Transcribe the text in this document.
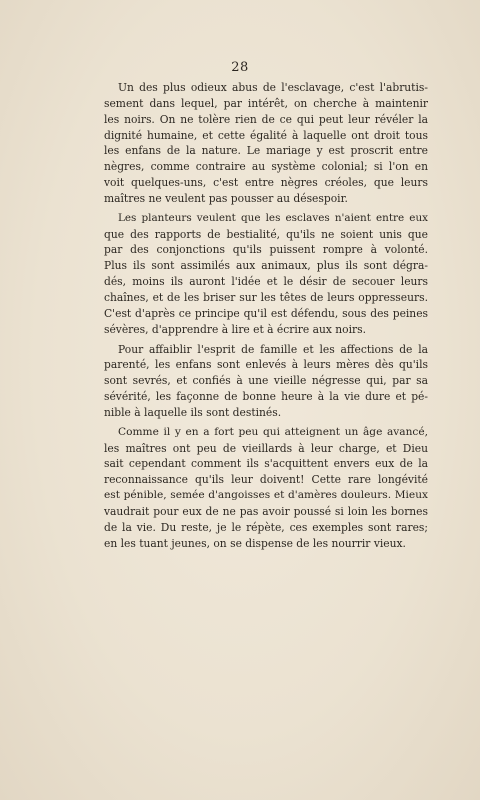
28

Un des plus odieux abus de l'esclavage, c'est l'abrutis-
sement dans lequel, par intérêt, on cherche à maintenir
les noirs. On ne tolère rien de ce qui peut leur révéler la
dignité humaine, et cette égalité à laquelle ont droit tous
les enfans de la nature. Le mariage y est proscrit entre
nègres, comme contraire au système colonial; si l'on en
voit quelques-uns, c'est entre nègres créoles, que leurs
maîtres ne veulent pas pousser au désespoir.

Les planteurs veulent que les esclaves n'aient entre eux
que des rapports de bestialité, qu'ils ne soient unis que
par des conjonctions qu'ils puissent rompre à volonté.
Plus ils sont assimilés aux animaux, plus ils sont dégra-
dés, moins ils auront l'idée et le désir de secouer leurs
chaînes, et de les briser sur les têtes de leurs oppresseurs.
C'est d'après ce principe qu'il est défendu, sous des peines
sévères, d'apprendre à lire et à écrire aux noirs.

Pour affaiblir l'esprit de famille et les affections de la
parenté, les enfans sont enlevés à leurs mères dès qu'ils
sont sevrés, et confiés à une vieille négresse qui, par sa
sévérité, les façonne de bonne heure à la vie dure et pé-
nible à laquelle ils sont destinés.

Comme il y en a fort peu qui atteignent un âge avancé,
les maîtres ont peu de vieillards à leur charge, et Dieu
sait cependant comment ils s'acquittent envers eux de la
reconnaissance qu'ils leur doivent! Cette rare longévité
est pénible, semée d'angoisses et d'amères douleurs. Mieux
vaudrait pour eux de ne pas avoir poussé si loin les bornes
de la vie. Du reste, je le répète, ces exemples sont rares;
en les tuant jeunes, on se dispense de les nourrir vieux.
